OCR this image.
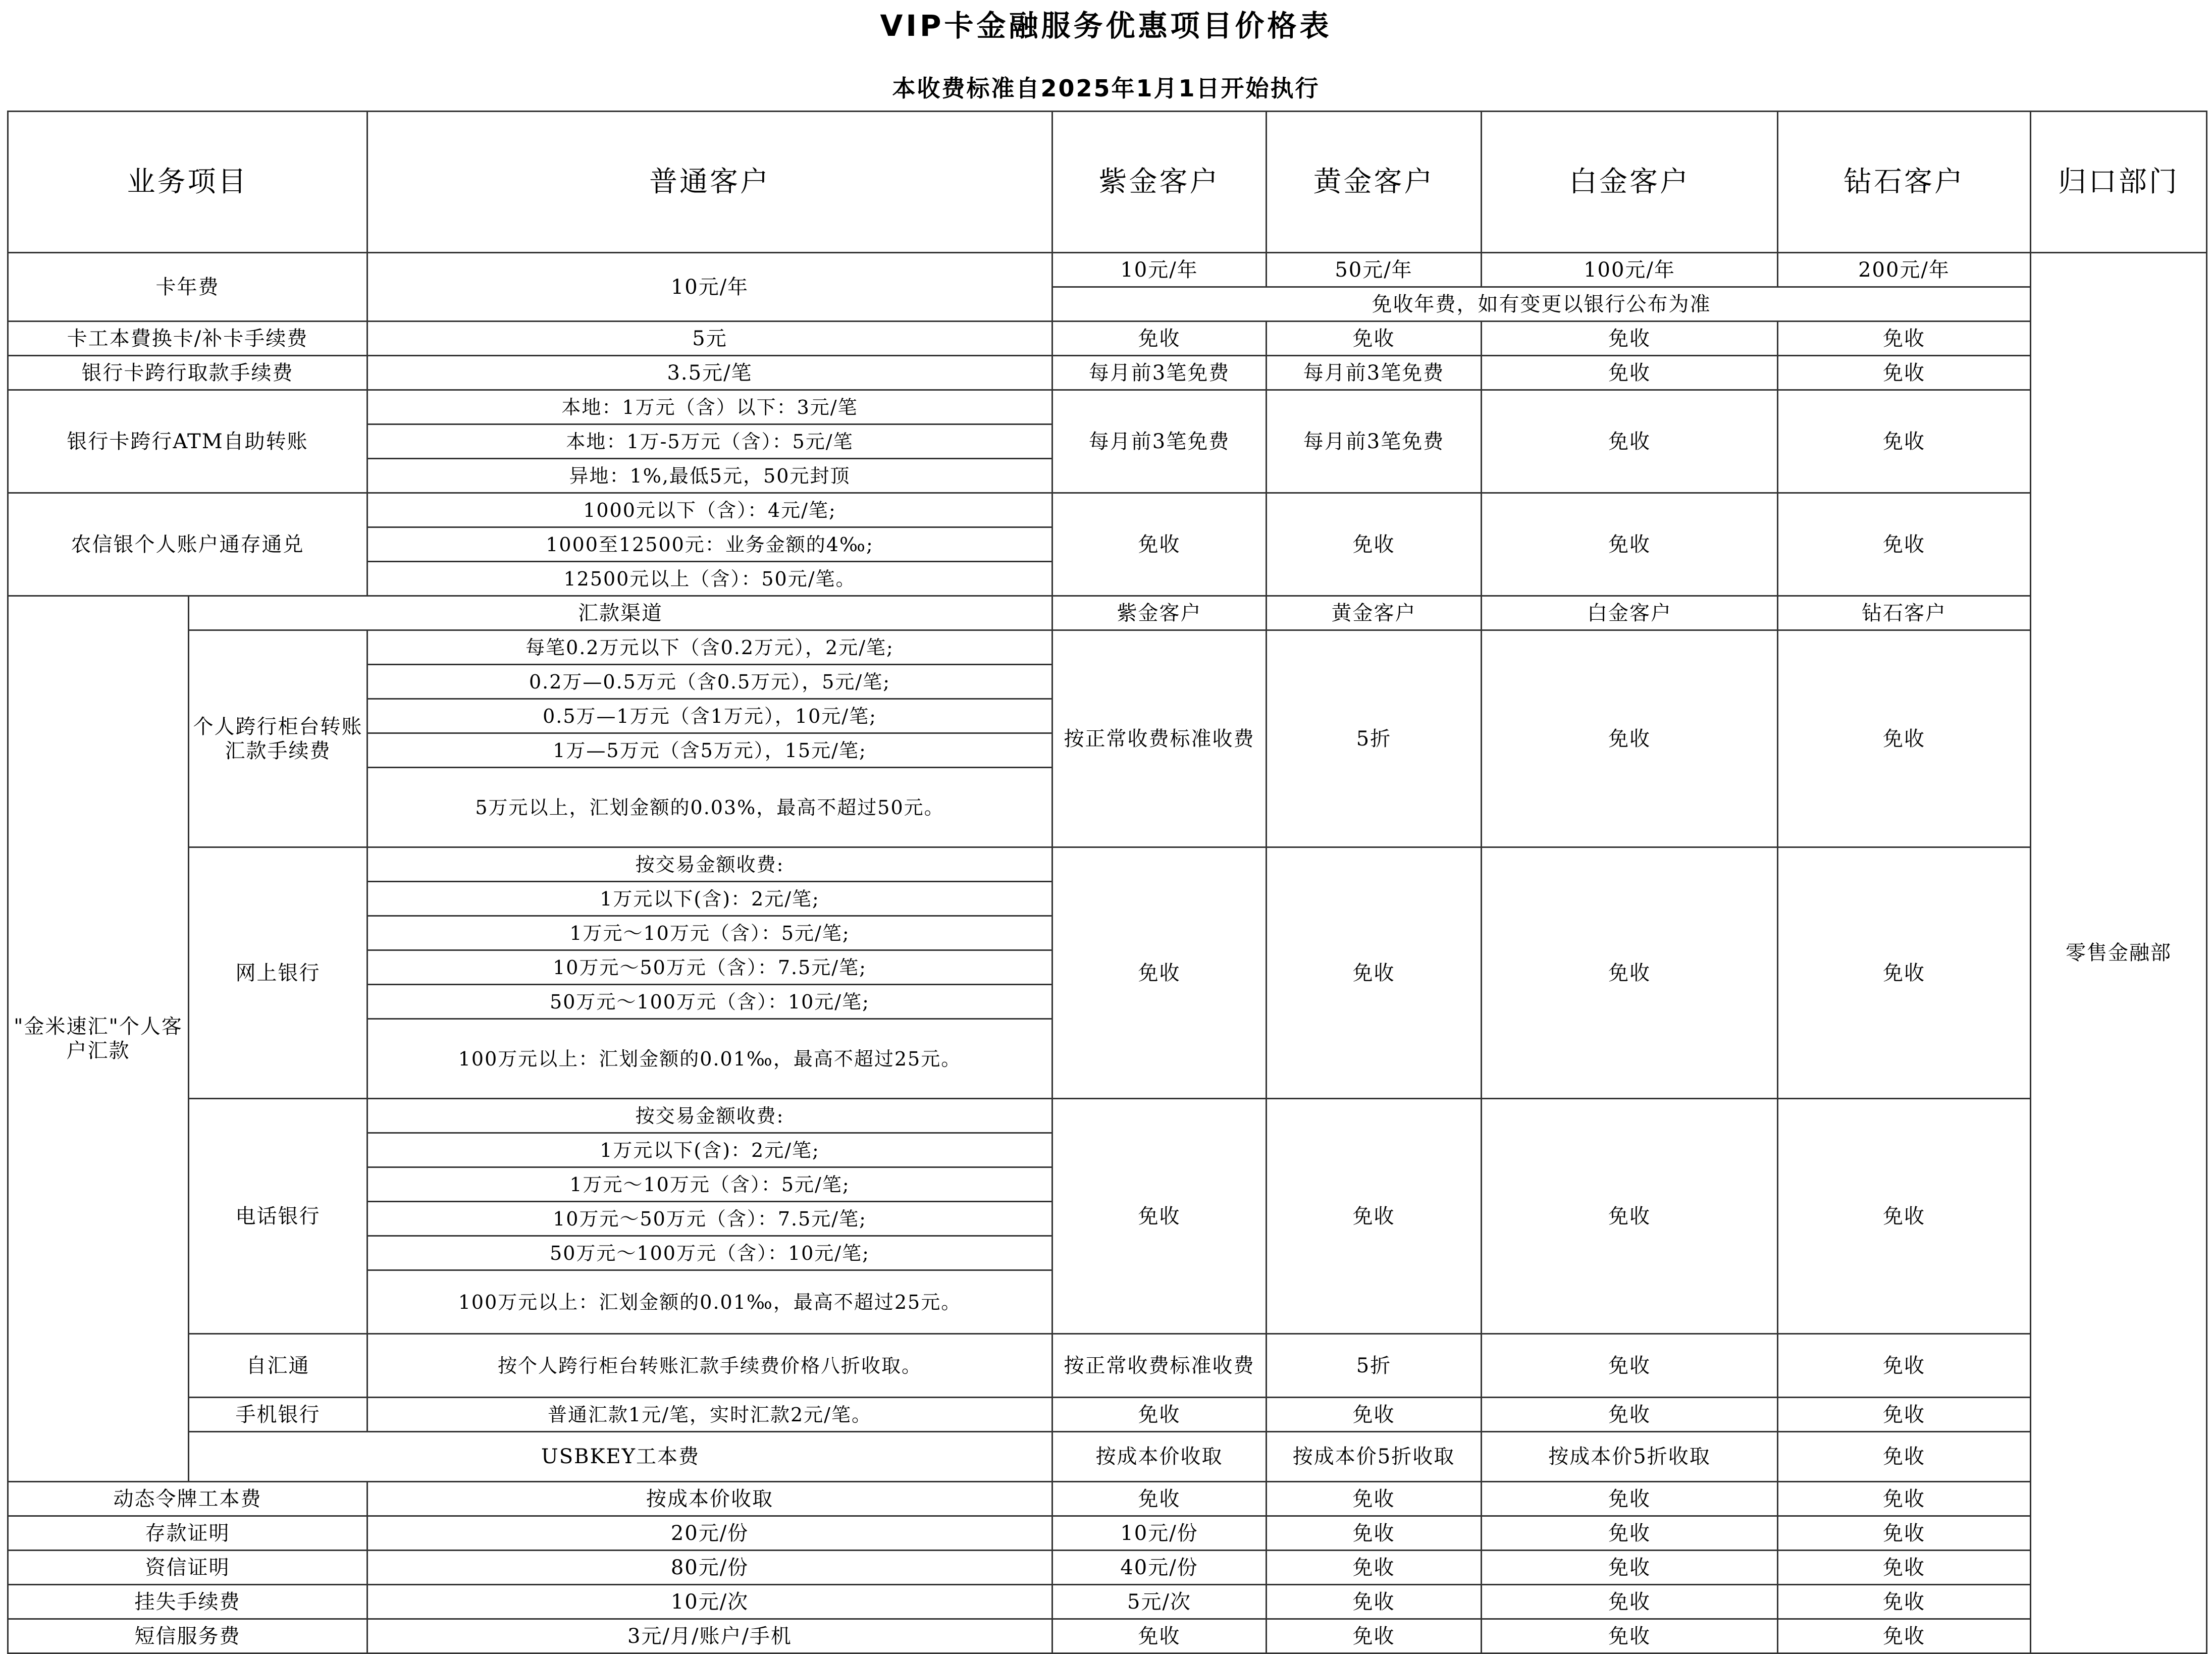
VIP卡金融服务优惠项目价格表
本收费标准自2025年1月1日开始执行
业务项目		普通客户	紫金客户	黄金客户	白金客户	钻石客户	归口部门	
卡年费		10元/年	10元/年	50元/年	100元/年	200元/年	零售金融部	
			免收年费，如有变更以银行公布为准					
卡工本費换卡/补卡手续费		5元	免收	免收	免收	免收		
银行卡跨行取款手续费		3.5元/笔	每月前3笔免费	每月前3笔免费	免收	免收		
银行卡跨行ATM自助转账		本地：1万元（含）以下：3元/笔	每月前3笔免费	每月前3笔免费	免收	免收		
		本地：1万-5万元（含）：5元/笔						
		异地：1%,最低5元，50元封顶						
农信银个人账户通存通兑		1000元以下（含）：4元/笔;	免收	免收	免收	免收		
		1000至12500元：业务金额的4‰;						
		12500元以上（含）：50元/笔。						
"金米速汇"个人客户汇款	汇款渠道		紫金客户	黄金客户	白金客户	钻石客户		
	个人跨行柜台转账汇款手续费	每笔0.2万元以下（含0.2万元），2元/笔;	按正常收费标准收费	5折	免收	免收		
		0.2万—0.5万元（含0.5万元），5元/笔;						
		0.5万—1万元（含1万元），10元/笔;						
		1万—5万元（含5万元），15元/笔;						
		5万元以上，汇划金额的0.03%，最高不超过50元。						
	网上银行	按交易金额收费:	免收	免收	免收	免收		
		1万元以下(含)：2元/笔;						
		1万元～10万元（含）：5元/笔;						
		10万元～50万元（含）：7.5元/笔;						
		50万元～100万元（含）：10元/笔;						
		100万元以上：汇划金额的0.01‰，最高不超过25元。						
	电话银行	按交易金额收费:	免收	免收	免收	免收		
		1万元以下(含)：2元/笔;						
		1万元～10万元（含）：5元/笔;						
		10万元～50万元（含）：7.5元/笔;						
		50万元～100万元（含）：10元/笔;						
		100万元以上：汇划金额的0.01‰，最高不超过25元。						
	自汇通	按个人跨行柜台转账汇款手续费价格八折收取。	按正常收费标准收费	5折	免收	免收		
	手机银行	普通汇款1元/笔，实时汇款2元/笔。	免收	免收	免收	免收		
	USBKEY工本费		按成本价收取	按成本价5折收取	按成本价5折收取	免收	
动态令牌工本费		按成本价收取	免收	免收	免收	免收		
存款证明		20元/份	10元/份	免收	免收	免收		
资信证明		80元/份	40元/份	免收	免收	免收		
挂失手续费		10元/次	5元/次	免收	免收	免收		
短信服务费		3元/月/账户/手机	免收	免收	免收	免收		
